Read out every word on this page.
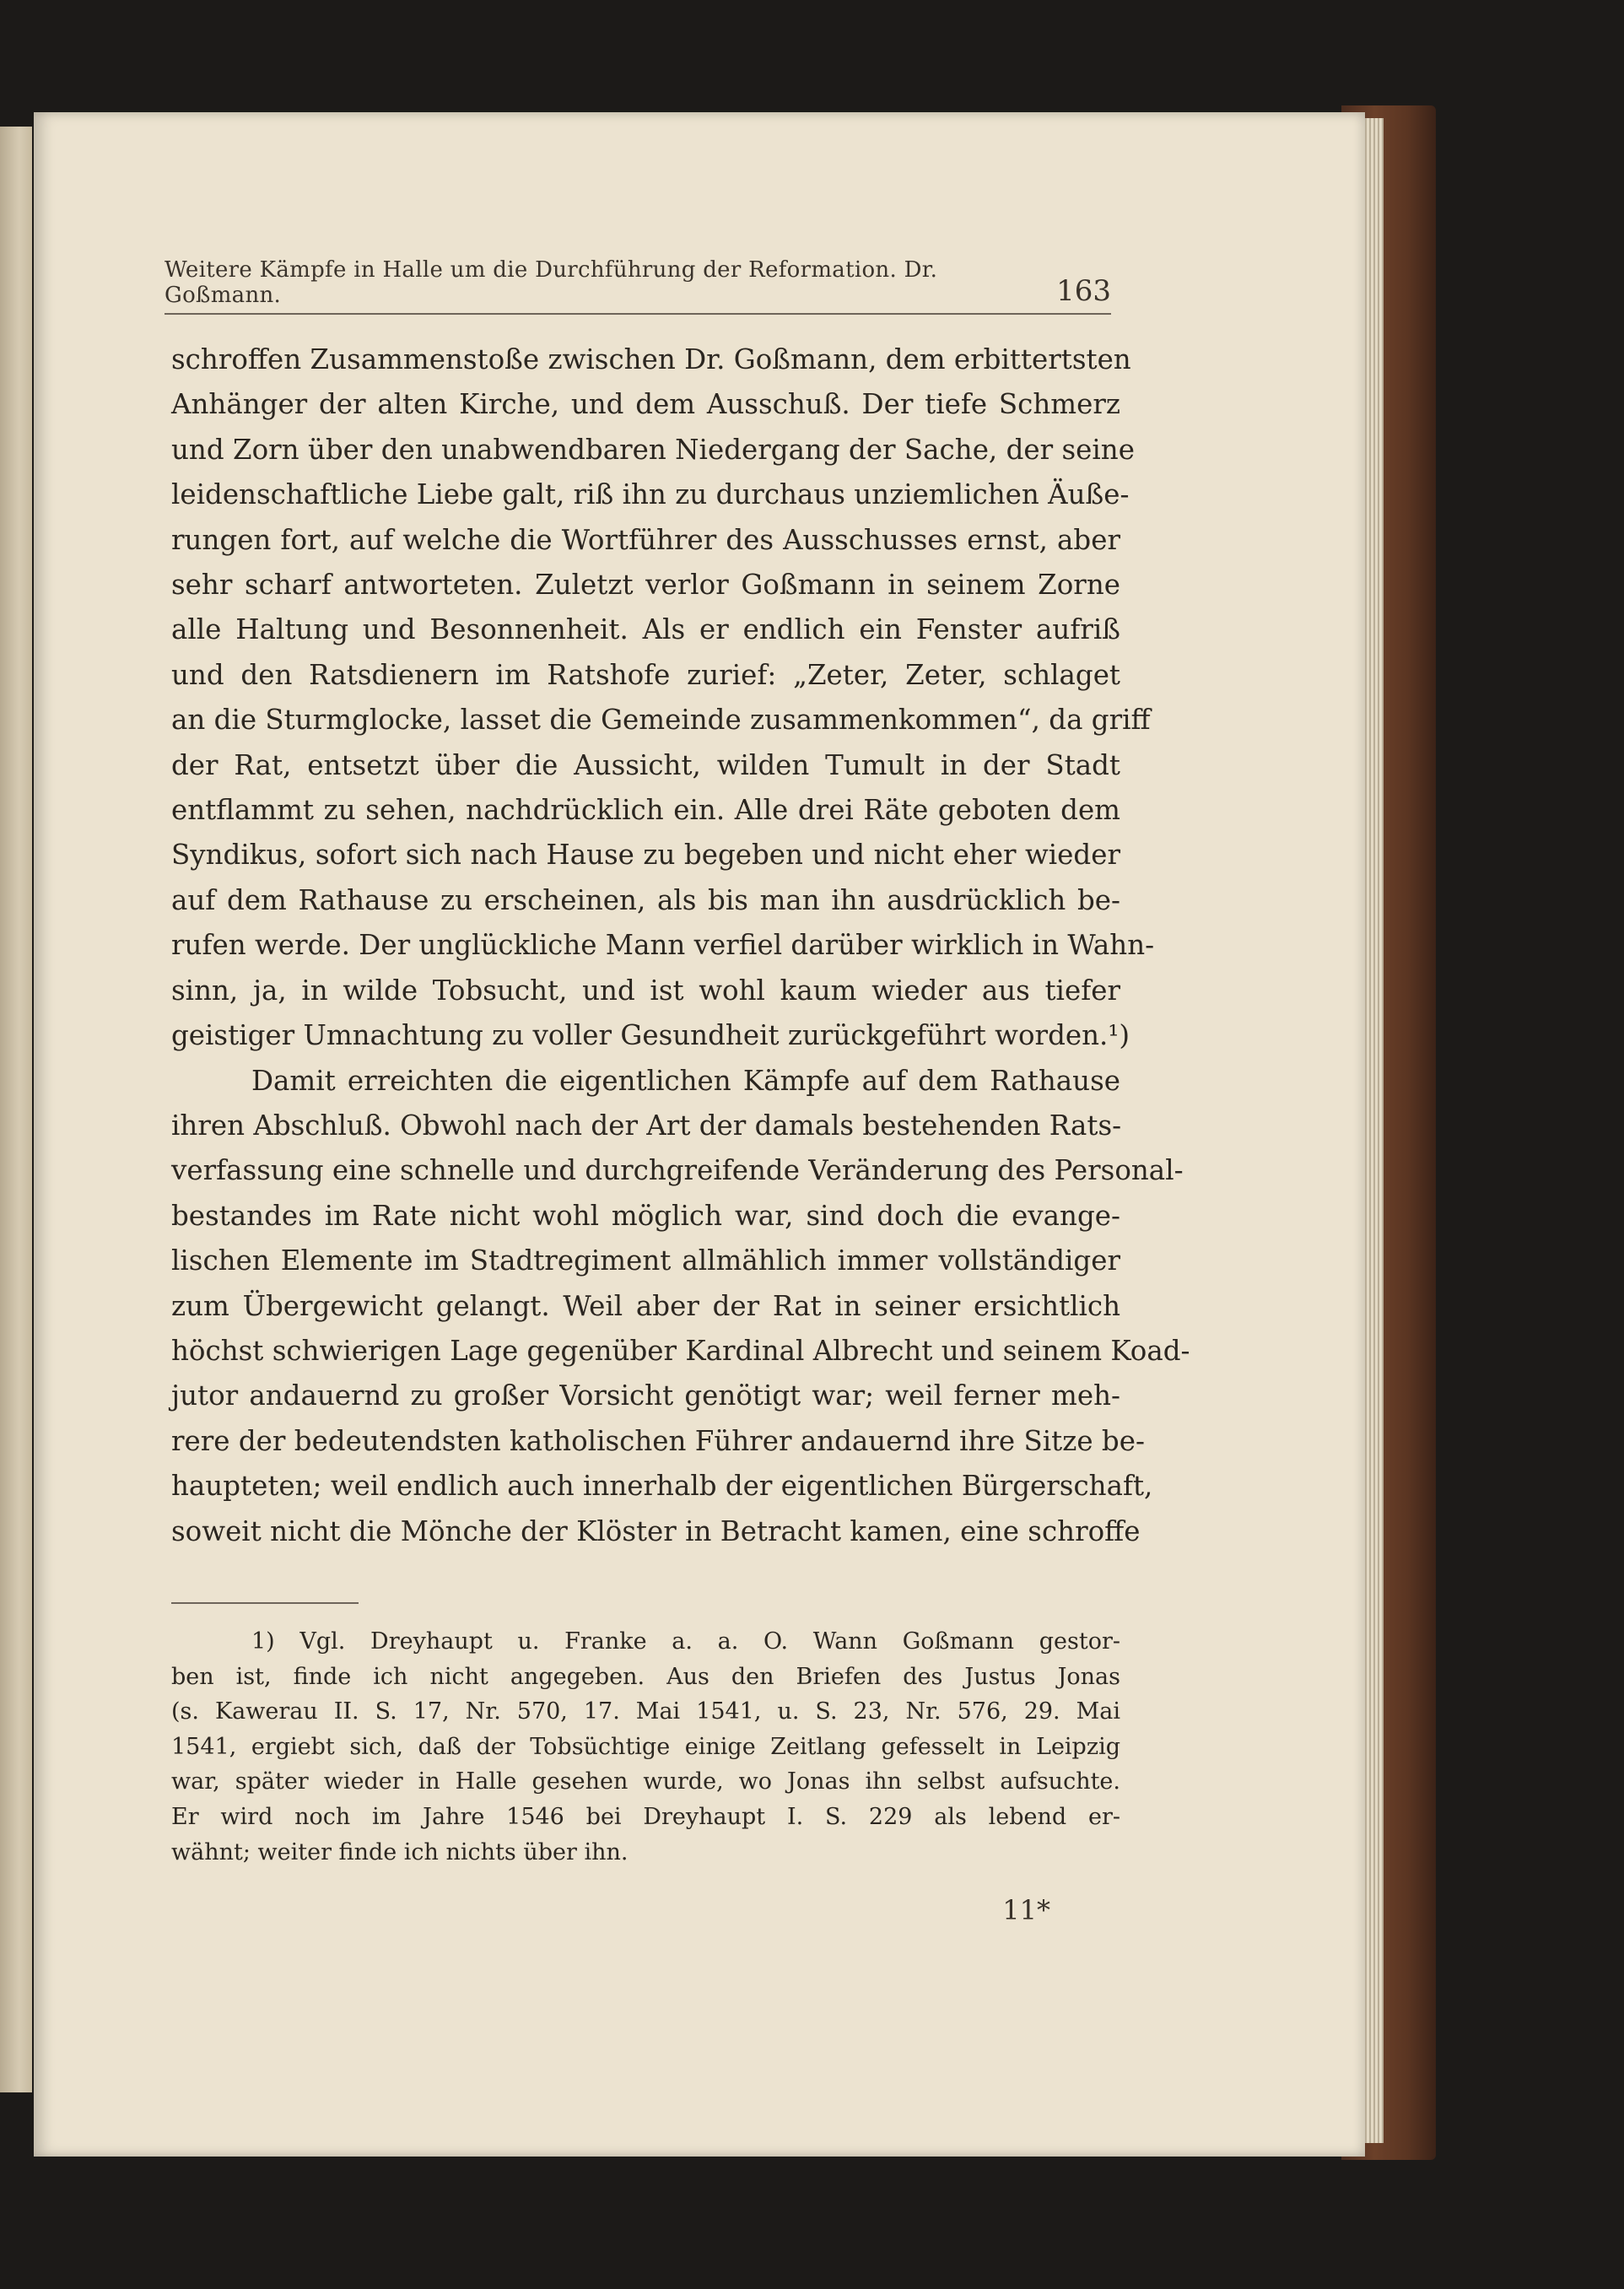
Weitere Kämpfe in Halle um die Durchführung der Reformation. Dr. Goßmann.	163
schroffen Zusammenstoße zwischen Dr. Goßmann, dem erbittertsten
Anhänger der alten Kirche, und dem Ausschuß. Der tiefe Schmerz
und Zorn über den unabwendbaren Niedergang der Sache, der seine
leidenschaftliche Liebe galt, riß ihn zu durchaus unziemlichen Äuße-
rungen fort, auf welche die Wortführer des Ausschusses ernst, aber
sehr scharf antworteten. Zuletzt verlor Goßmann in seinem Zorne
alle Haltung und Besonnenheit. Als er endlich ein Fenster aufriß
und den Ratsdienern im Ratshofe zurief: „Zeter, Zeter, schlaget
an die Sturmglocke, lasset die Gemeinde zusammenkommen“, da griff
der Rat, entsetzt über die Aussicht, wilden Tumult in der Stadt
entflammt zu sehen, nachdrücklich ein. Alle drei Räte geboten dem
Syndikus, sofort sich nach Hause zu begeben und nicht eher wieder
auf dem Rathause zu erscheinen, als bis man ihn ausdrücklich be-
rufen werde. Der unglückliche Mann verfiel darüber wirklich in Wahn-
sinn, ja, in wilde Tobsucht, und ist wohl kaum wieder aus tiefer
geistiger Umnachtung zu voller Gesundheit zurückgeführt worden.¹)
Damit erreichten die eigentlichen Kämpfe auf dem Rathause
ihren Abschluß. Obwohl nach der Art der damals bestehenden Rats-
verfassung eine schnelle und durchgreifende Veränderung des Personal-
bestandes im Rate nicht wohl möglich war, sind doch die evange-
lischen Elemente im Stadtregiment allmählich immer vollständiger
zum Übergewicht gelangt. Weil aber der Rat in seiner ersichtlich
höchst schwierigen Lage gegenüber Kardinal Albrecht und seinem Koad-
jutor andauernd zu großer Vorsicht genötigt war; weil ferner meh-
rere der bedeutendsten katholischen Führer andauernd ihre Sitze be-
haupteten; weil endlich auch innerhalb der eigentlichen Bürgerschaft,
soweit nicht die Mönche der Klöster in Betracht kamen, eine schroffe
1) Vgl. Dreyhaupt u. Franke a. a. O. Wann Goßmann gestor-
ben ist, finde ich nicht angegeben. Aus den Briefen des Justus Jonas
(s. Kawerau II. S. 17, Nr. 570, 17. Mai 1541, u. S. 23, Nr. 576, 29. Mai
1541, ergiebt sich, daß der Tobsüchtige einige Zeitlang gefesselt in Leipzig
war, später wieder in Halle gesehen wurde, wo Jonas ihn selbst aufsuchte.
Er wird noch im Jahre 1546 bei Dreyhaupt I. S. 229 als lebend er-
wähnt; weiter finde ich nichts über ihn.
11*
